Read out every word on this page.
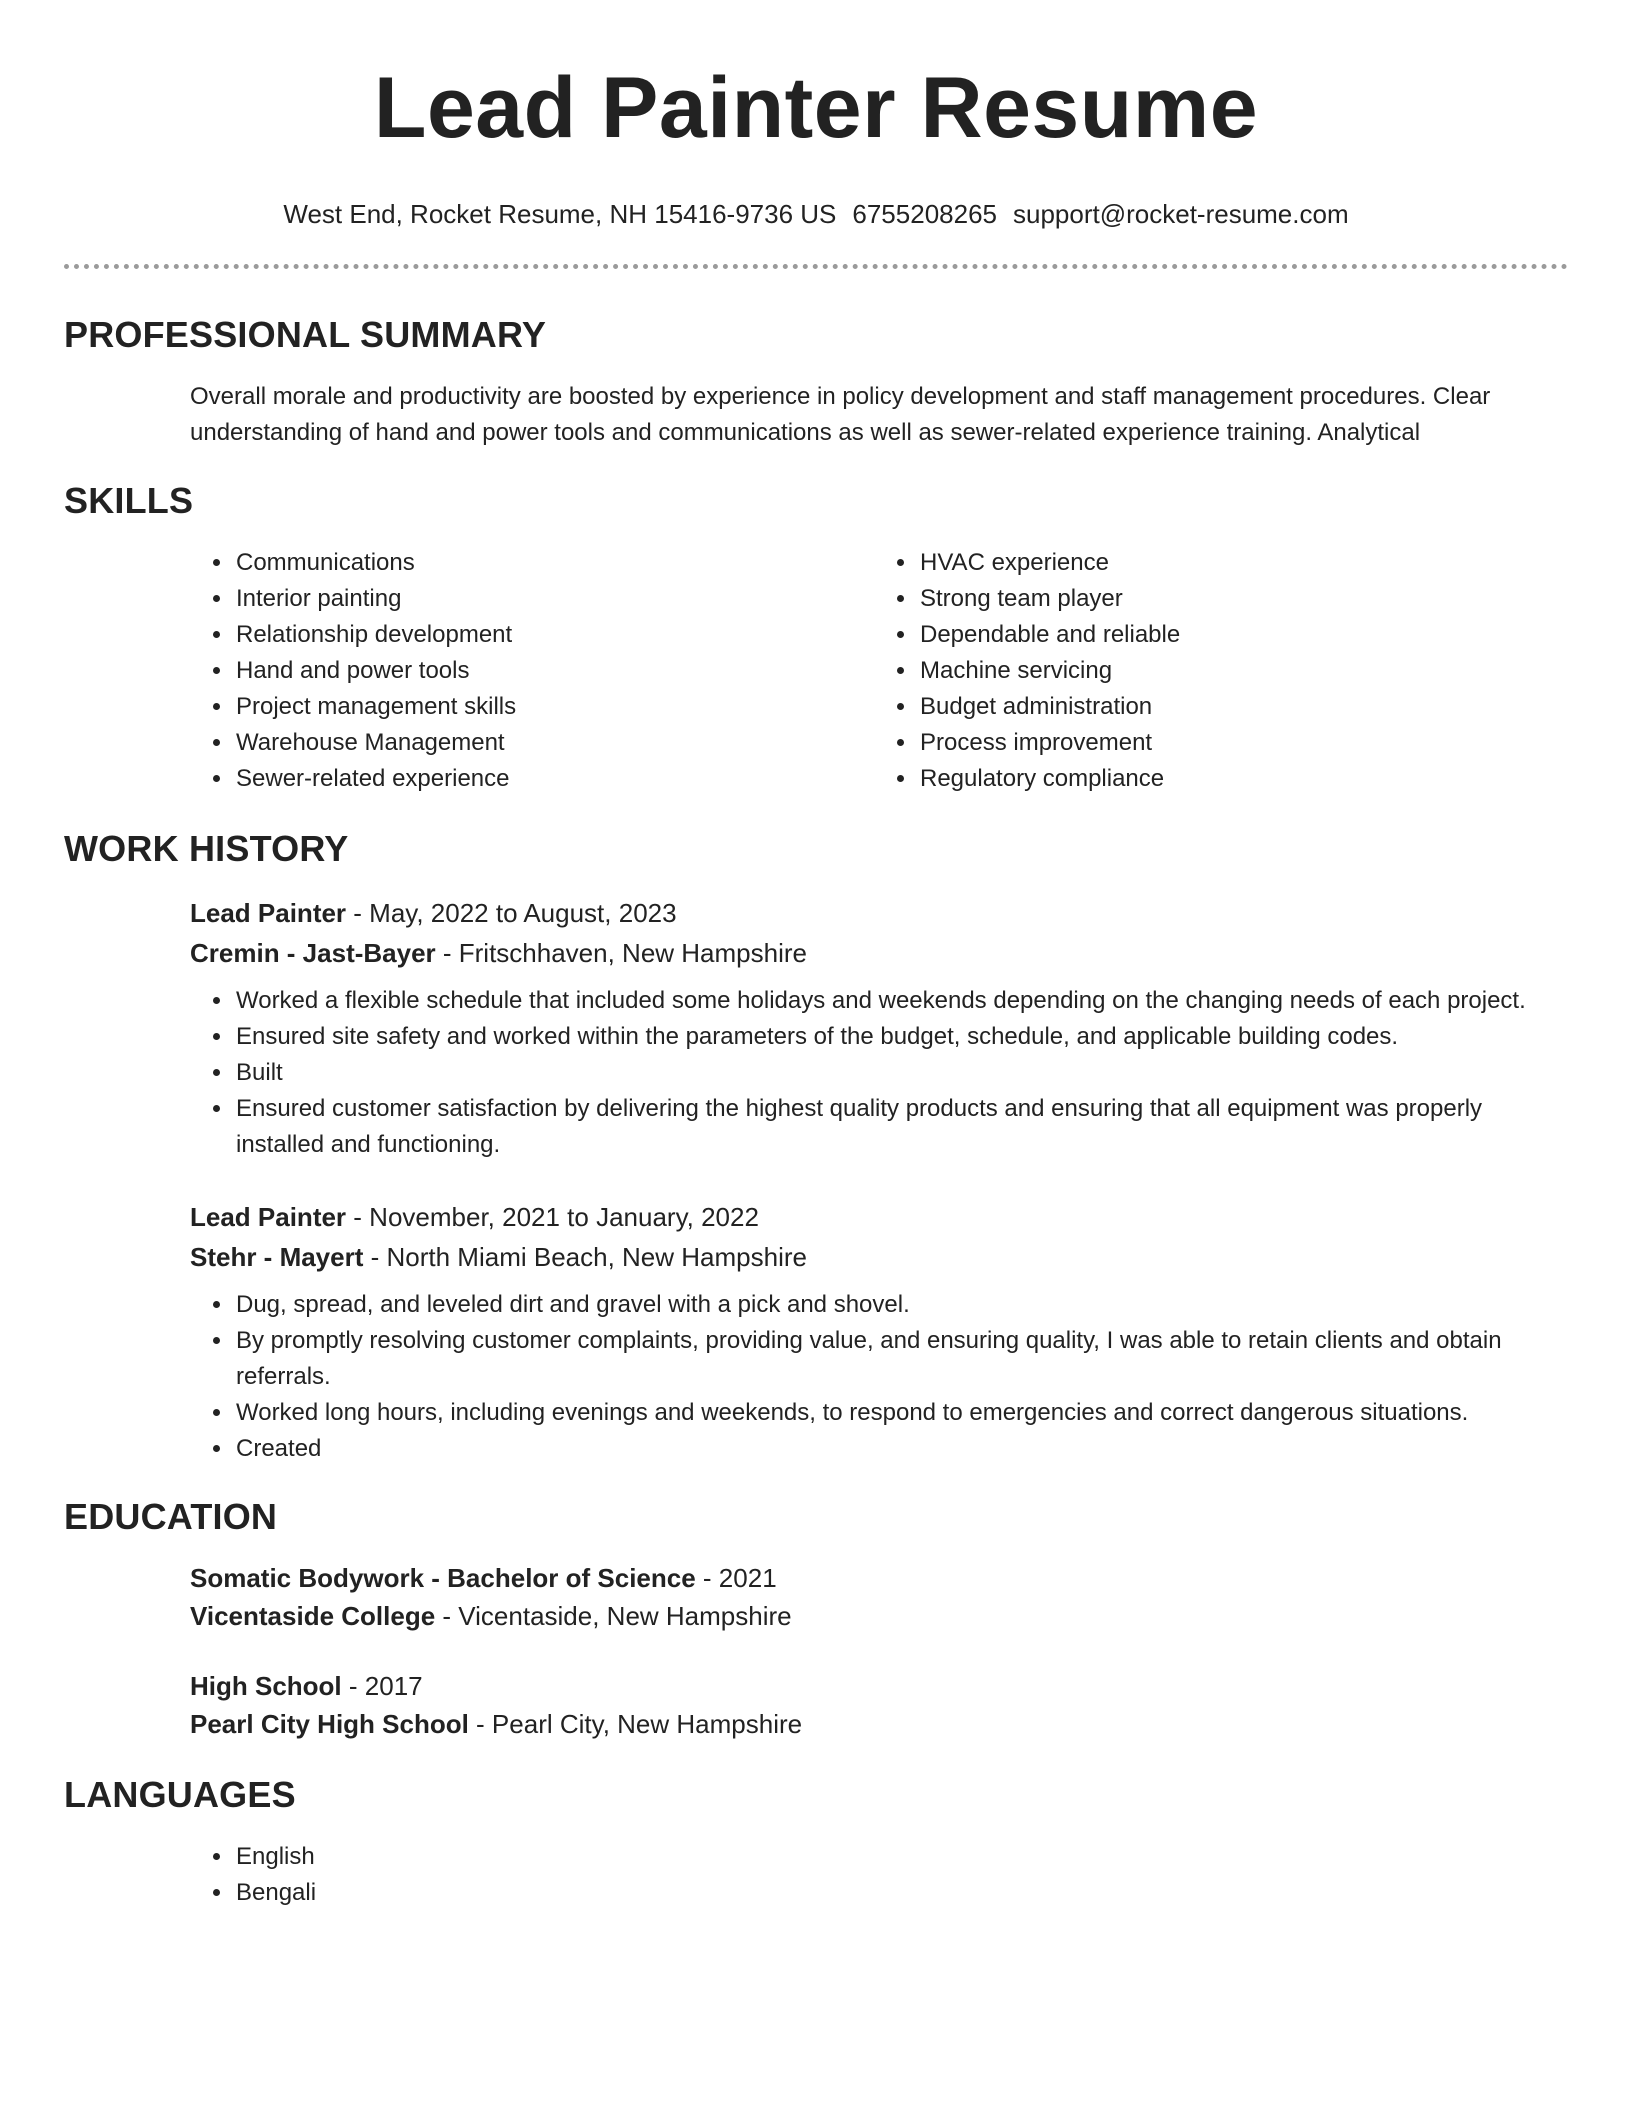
Lead Painter Resume
West End, Rocket Resume, NH 15416-9736 US 6755208265 support@rocket-resume.com
PROFESSIONAL SUMMARY

Overall morale and productivity are boosted by experience in policy development and staff management procedures. Clear understanding of hand and power tools and communications as well as sewer-related experience training. Analytical

SKILLS
• Communications
• Interior painting
• Relationship development
• Hand and power tools
• Project management skills
• Warehouse Management
• Sewer-related experience
• HVAC experience
• Strong team player
• Dependable and reliable
• Machine servicing
• Budget administration
• Process improvement
• Regulatory compliance
WORK HISTORY
Lead Painter - May, 2022 to August, 2023
Cremin - Jast-Bayer - Fritschhaven, New Hampshire
• Worked a flexible schedule that included some holidays and weekends depending on the changing needs of each project.
• Ensured site safety and worked within the parameters of the budget, schedule, and applicable building codes.
• Built
• Ensured customer satisfaction by delivering the highest quality products and ensuring that all equipment was properly installed and functioning.
Lead Painter - November, 2021 to January, 2022
Stehr - Mayert - North Miami Beach, New Hampshire
• Dug, spread, and leveled dirt and gravel with a pick and shovel.
• By promptly resolving customer complaints, providing value, and ensuring quality, I was able to retain clients and obtain referrals.
• Worked long hours, including evenings and weekends, to respond to emergencies and correct dangerous situations.
• Created
EDUCATION
Somatic Bodywork - Bachelor of Science - 2021
Vicentaside College - Vicentaside, New Hampshire
High School - 2017
Pearl City High School - Pearl City, New Hampshire
LANGUAGES
• English
• Bengali
